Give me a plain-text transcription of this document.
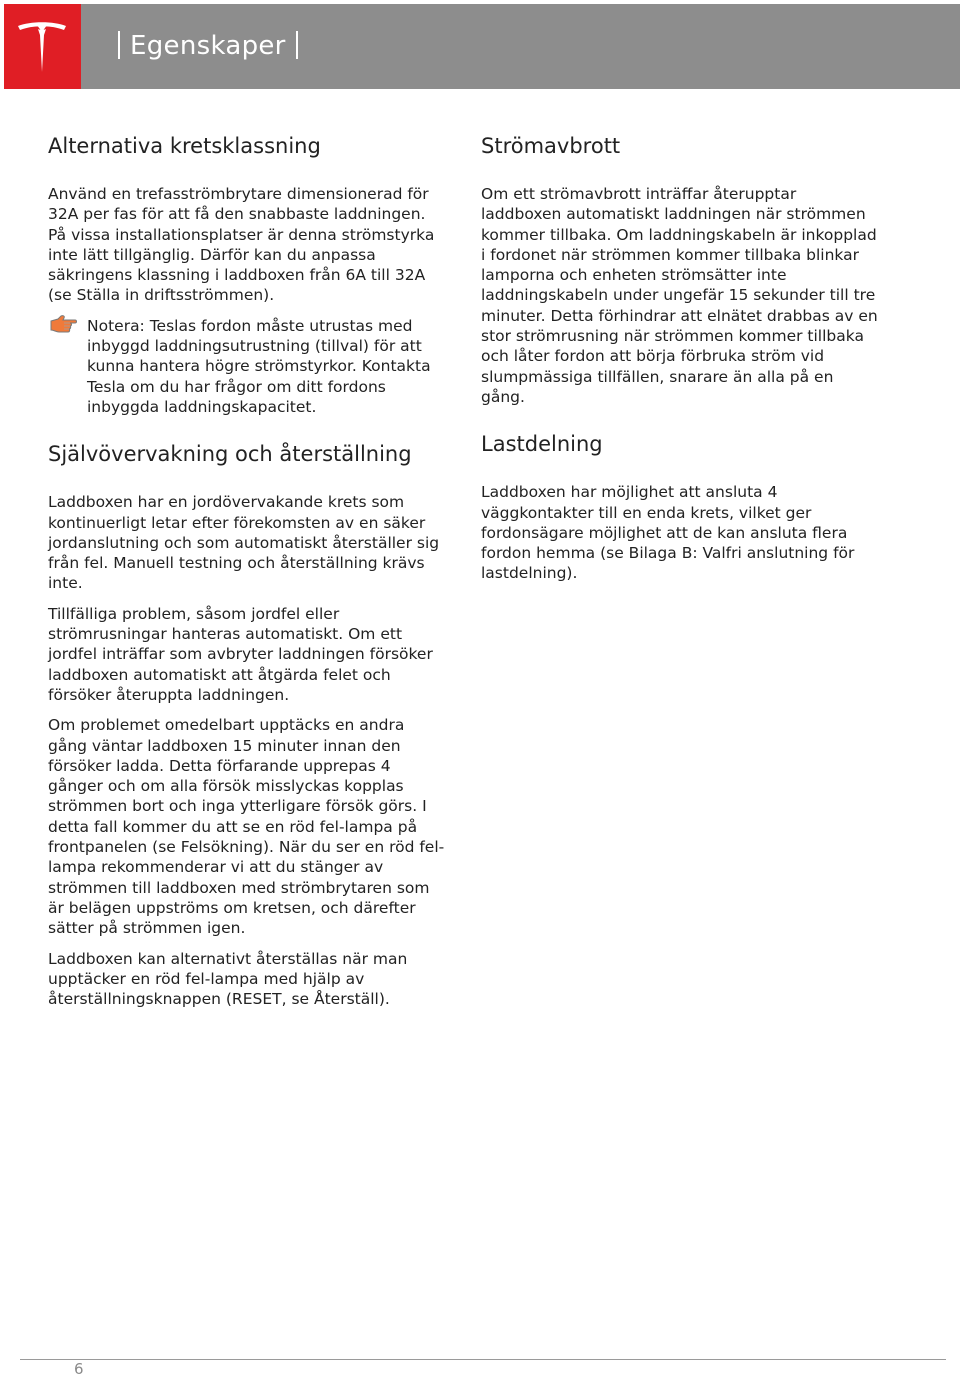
Egenskaper
Alternativa kretsklassning

Använd en trefasströmbrytare dimensionerad för 32A per fas för att få den snabbaste laddningen. På vissa installationsplatser är denna strömstyrka inte lätt tillgänglig. Därför kan du anpassa säkringens klassning i laddboxen från 6A till 32A (se Ställa in driftsströmmen).

Notera: Teslas fordon måste utrustas med inbyggd laddningsutrustning (tillval) för att kunna hantera högre strömstyrkor. Kontakta Tesla om du har frågor om ditt fordons inbyggda laddningskapacitet.

Självövervakning och återställning

Laddboxen har en jordövervakande krets som kontinuerligt letar efter förekomsten av en säker jordanslutning och som automatiskt återställer sig från fel. Manuell testning och återställning krävs inte.

Tillfälliga problem, såsom jordfel eller strömrusningar hanteras automatiskt. Om ett jordfel inträffar som avbryter laddningen försöker laddboxen automatiskt att åtgärda felet och försöker återuppta laddningen.

Om problemet omedelbart upptäcks en andra gång väntar laddboxen 15 minuter innan den försöker ladda. Detta förfarande upprepas 4 gånger och om alla försök misslyckas kopplas strömmen bort och inga ytterligare försök görs. I detta fall kommer du att se en röd fel-lampa på frontpanelen (se Felsökning). När du ser en röd fel-lampa rekommenderar vi att du stänger av strömmen till laddboxen med strömbrytaren som är belägen uppströms om kretsen, och därefter sätter på strömmen igen.

Laddboxen kan alternativt återställas när man upptäcker en röd fel-lampa med hjälp av återställningsknappen (RESET, se Återställ).

Strömavbrott

Om ett strömavbrott inträffar återupptar laddboxen automatiskt laddningen när strömmen kommer tillbaka. Om laddningskabeln är inkopplad i fordonet när strömmen kommer tillbaka blinkar lamporna och enheten strömsätter inte laddningskabeln under ungefär 15 sekunder till tre minuter. Detta förhindrar att elnätet drabbas av en stor strömrusning när strömmen kommer tillbaka och låter fordon att börja förbruka ström vid slumpmässiga tillfällen, snarare än alla på en gång.

Lastdelning

Laddboxen har möjlighet att ansluta 4 väggkontakter till en enda krets, vilket ger fordonsägare möjlighet att de kan ansluta flera fordon hemma (se Bilaga B: Valfri anslutning för lastdelning).

6
